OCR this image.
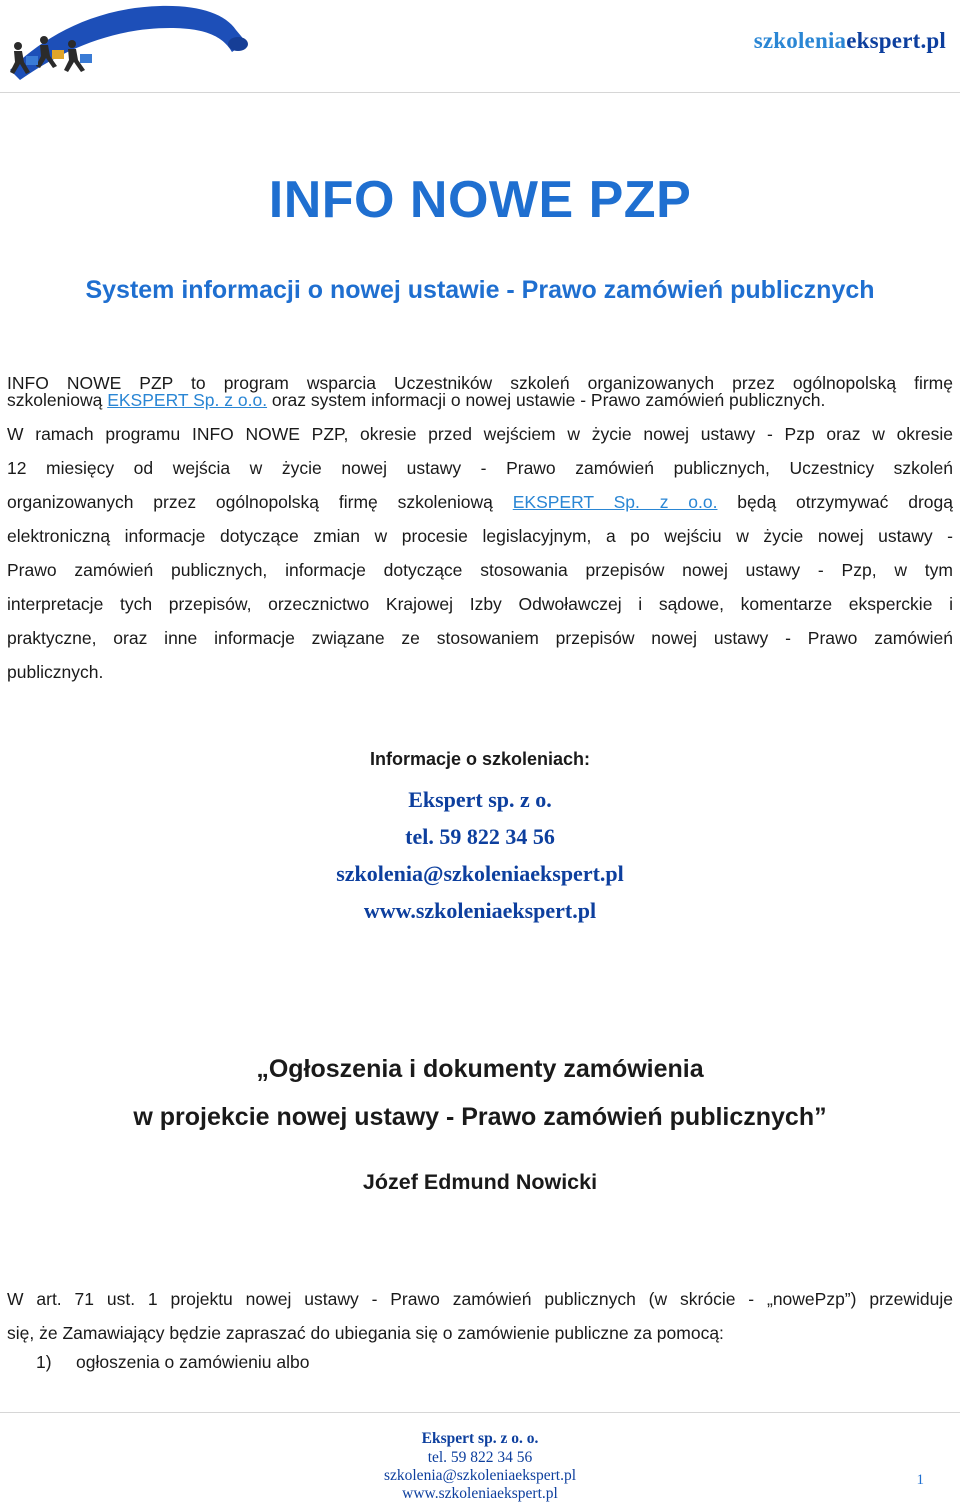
szkoleniaekspert.pl
INFO NOWE PZP
System informacji o nowej ustawie - Prawo zamówień publicznych

INFO NOWE PZP to program wsparcia Uczestników szkoleń organizowanych przez ogólnopolską firmę

szkoleniową EKSPERT Sp. z o.o. oraz system informacji o nowej ustawie - Prawo zamówień publicznych.

W ramach programu INFO NOWE PZP, okresie przed wejściem w życie nowej ustawy - Pzp oraz w okresie

12 miesięcy od wejścia w życie nowej ustawy - Prawo zamówień publicznych, Uczestnicy szkoleń

organizowanych przez ogólnopolską firmę szkoleniową EKSPERT Sp. z o.o. będą otrzymywać drogą

elektroniczną informacje dotyczące zmian w procesie legislacyjnym, a po wejściu w życie nowej ustawy -

Prawo zamówień publicznych, informacje dotyczące stosowania przepisów nowej ustawy - Pzp, w tym

interpretacje tych przepisów, orzecznictwo Krajowej Izby Odwoławczej i sądowe, komentarze eksperckie i

praktyczne, oraz inne informacje związane ze stosowaniem przepisów nowej ustawy - Prawo zamówień

publicznych.

Informacje o szkoleniach:
Ekspert sp. z o.
tel. 59 822 34 56
szkolenia@szkoleniaekspert.pl
www.szkoleniaekspert.pl
„Ogłoszenia i dokumenty zamówienia
w projekcie nowej ustawy - Prawo zamówień publicznych”
Józef Edmund Nowicki

W art. 71 ust. 1 projektu nowej ustawy - Prawo zamówień publicznych (w skrócie - „nowePzp”) przewiduje

się, że Zamawiający będzie zapraszać do ubiegania się o zamówienie publiczne za pomocą:

1) ogłoszenia o zamówieniu albo
Ekspert sp. z o. o.
tel. 59 822 34 56
szkolenia@szkoleniaekspert.pl
www.szkoleniaekspert.pl
1
